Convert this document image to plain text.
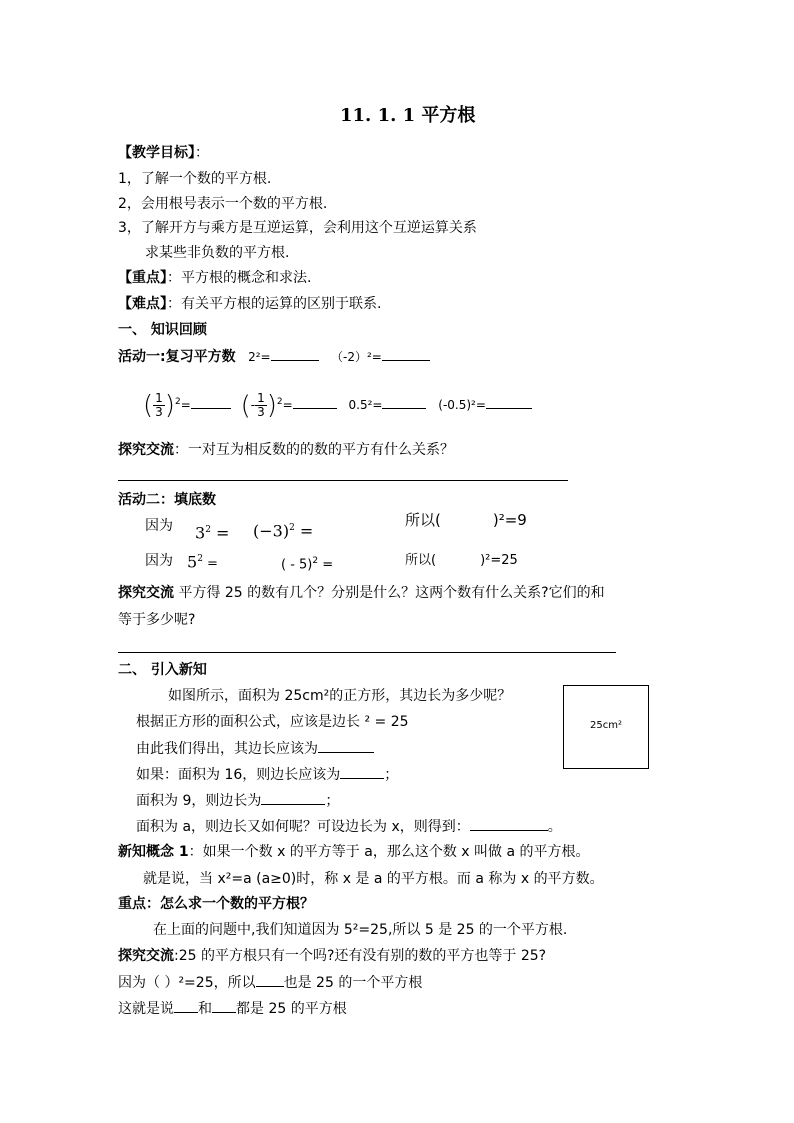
11. 1. 1 平方根
【教学目标】：
1，了解一个数的平方根.
2，会用根号表示一个数的平方根.
3，了解开方与乘方是互逆运算，会利用这个互逆运算关系
求某些非负数的平方根.
【重点】：平方根的概念和求法.
【难点】：有关平方根的运算的区别于联系.
一、 知识回顾
活动一:复习平方数 2²=	（-2）²=
( $\frac{1}{3} )^2=$ (- $\frac{1}{3} )^2=$	0.5²=	(-0.5)²=
探究交流：一对互为相反数的的数的平方有什么关系？
活动二：填底数
因为 $3^2 = (-3)^2$ =
所以(	)²=9
因为 $5^2$ =	( - 5)$^2$ =	所以(	)²=25
探究交流 平方得 25 的数有几个？分别是什么？这两个数有什么关系?它们的和
等于多少呢?
二、 引入新知
如图所示，面积为 25cm²的正方形，其边长为多少呢？
根据正方形的面积公式，应该是边长 ² = 25
由此我们得出，其边长应该为
如果：面积为 16，则边长应该为	；
面积为 9，则边长为	；
面积为 a，则边长又如何呢？可设边长为 x，则得到：	。
25cm²
新知概念 1：如果一个数 x 的平方等于 a，那么这个数 x 叫做 a 的平方根。
就是说，当 x²=a (a≥0)时，称 x 是 a 的平方根。而 a 称为 x 的平方数。
重点：怎么求一个数的平方根？
在上面的问题中,我们知道因为 5²=25,所以 5 是 25 的一个平方根.
探究交流:25 的平方根只有一个吗?还有没有别的数的平方也等于 25?
因为（ ）²=25，所以 也是 25 的一个平方根
这就是说 和 都是 25 的平方根
